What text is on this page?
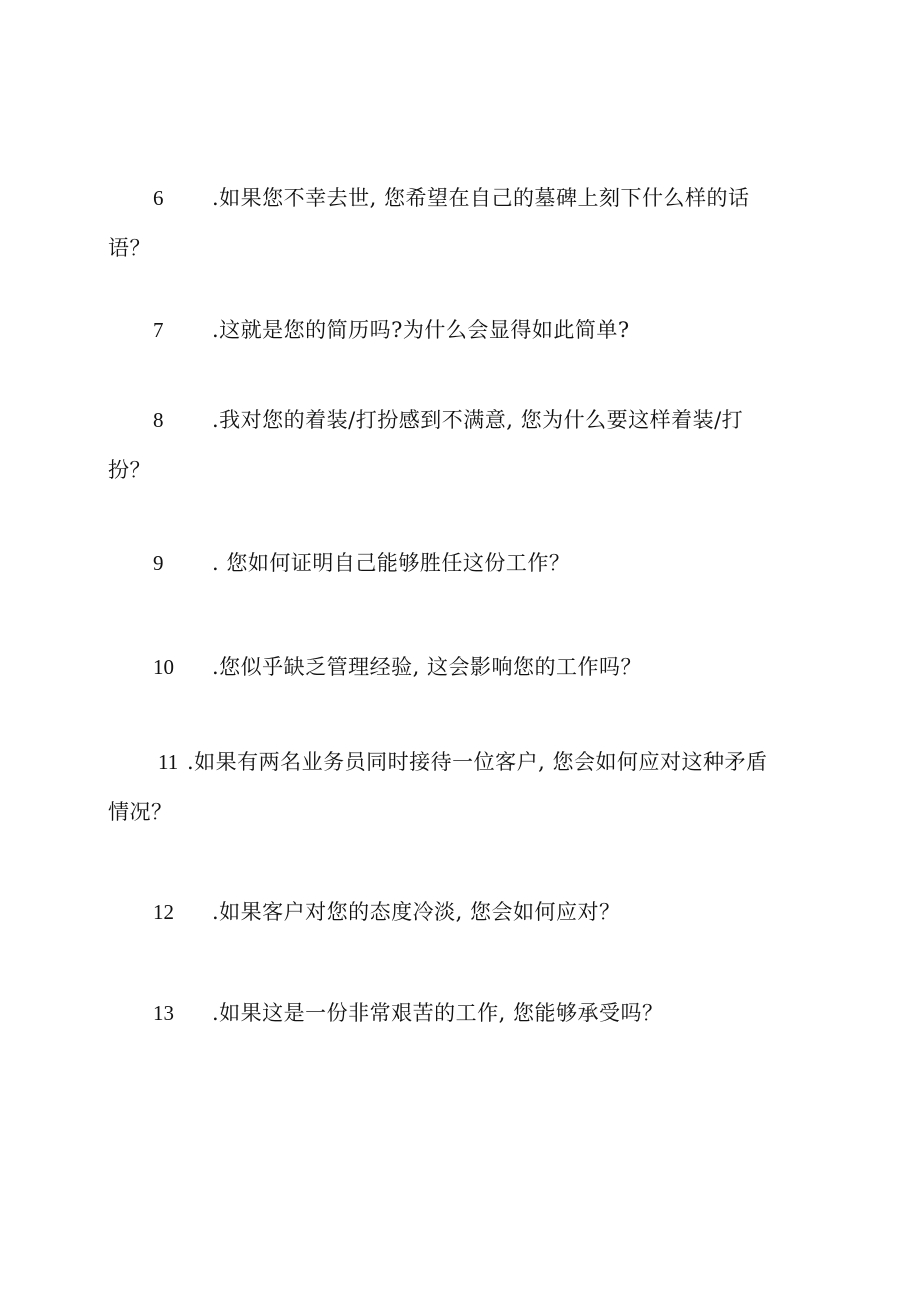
6 .如果您不幸去世, 您希望在自己的墓碑上刻下什么样的话
语？
7 .这就是您的简历吗?为什么会显得如此简单?
8 .我对您的着装/打扮感到不满意, 您为什么要这样着装/打
扮？
9 . 您如何证明自己能够胜任这份工作？
10 .您似乎缺乏管理经验, 这会影响您的工作吗？
11 .如果有两名业务员同时接待一位客户, 您会如何应对这种矛盾
情况？
12 .如果客户对您的态度冷淡, 您会如何应对？
13 .如果这是一份非常艰苦的工作, 您能够承受吗？
